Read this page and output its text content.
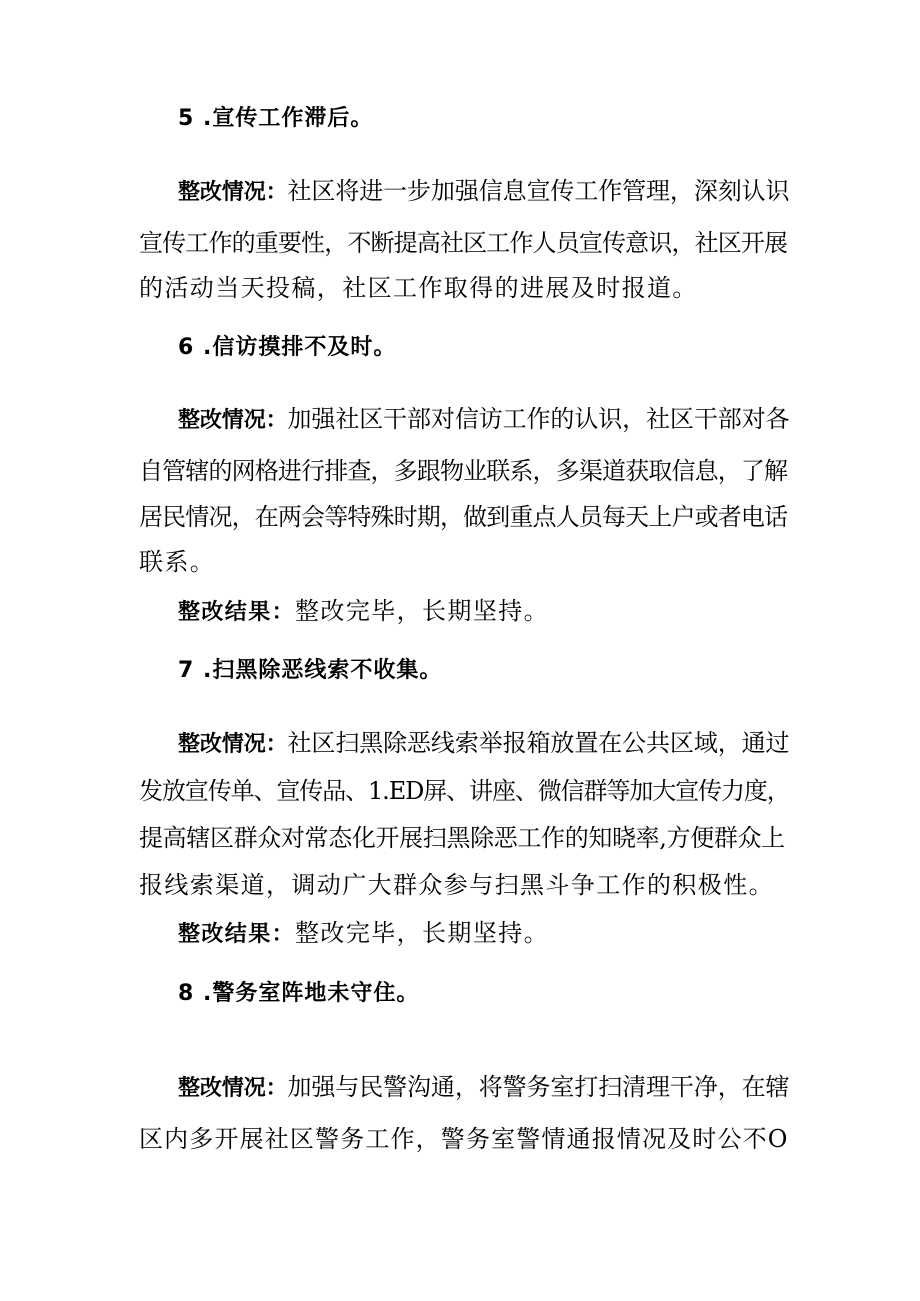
5 .宣传工作滞后。
整改情况：社区将进一步加强信息宣传工作管理，深刻认识
宣传工作的重要性，不断提高社区工作人员宣传意识，社区开展
的活动当天投稿，社区工作取得的进展及时报道。
6 .信访摸排不及时。
整改情况：加强社区干部对信访工作的认识，社区干部对各
自管辖的网格进行排查，多跟物业联系，多渠道获取信息，了解
居民情况，在两会等特殊时期，做到重点人员每天上户或者电话
联系。
整改结果：整改完毕，长期坚持。
7 .扫黑除恶线索不收集。
整改情况：社区扫黑除恶线索举报箱放置在公共区域，通过
发放宣传单、宣传品、1.ED屏、讲座、微信群等加大宣传力度，
提高辖区群众对常态化开展扫黑除恶工作的知晓率,方便群众上
报线索渠道，调动广大群众参与扫黑斗争工作的积极性。
整改结果：整改完毕，长期坚持。
8 .警务室阵地未守住。
整改情况：加强与民警沟通，将警务室打扫清理干净，在辖
区内多开展社区警务工作，警务室警情通报情况及时公不O
